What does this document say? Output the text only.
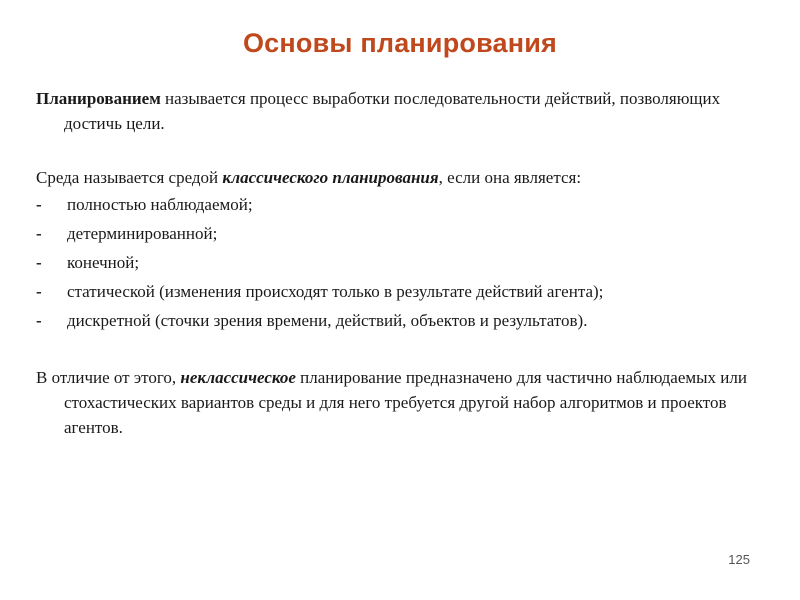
Основы планирования

Планированием называется процесс выработки последовательности действий, позволяющих достичь цели.

Среда называется средой классического планирования, если она является:

- полностью наблюдаемой;
- детерминированной;
- конечной;
- статической (изменения происходят только в результате действий агента);
- дискретной (сточки зрения времени, действий, объектов и результатов).

В отличие от этого, неклассическое планирование предназначено для частично наблюдаемых или стохастических вариантов среды и для него требуется другой набор алгоритмов и проектов агентов.

125
